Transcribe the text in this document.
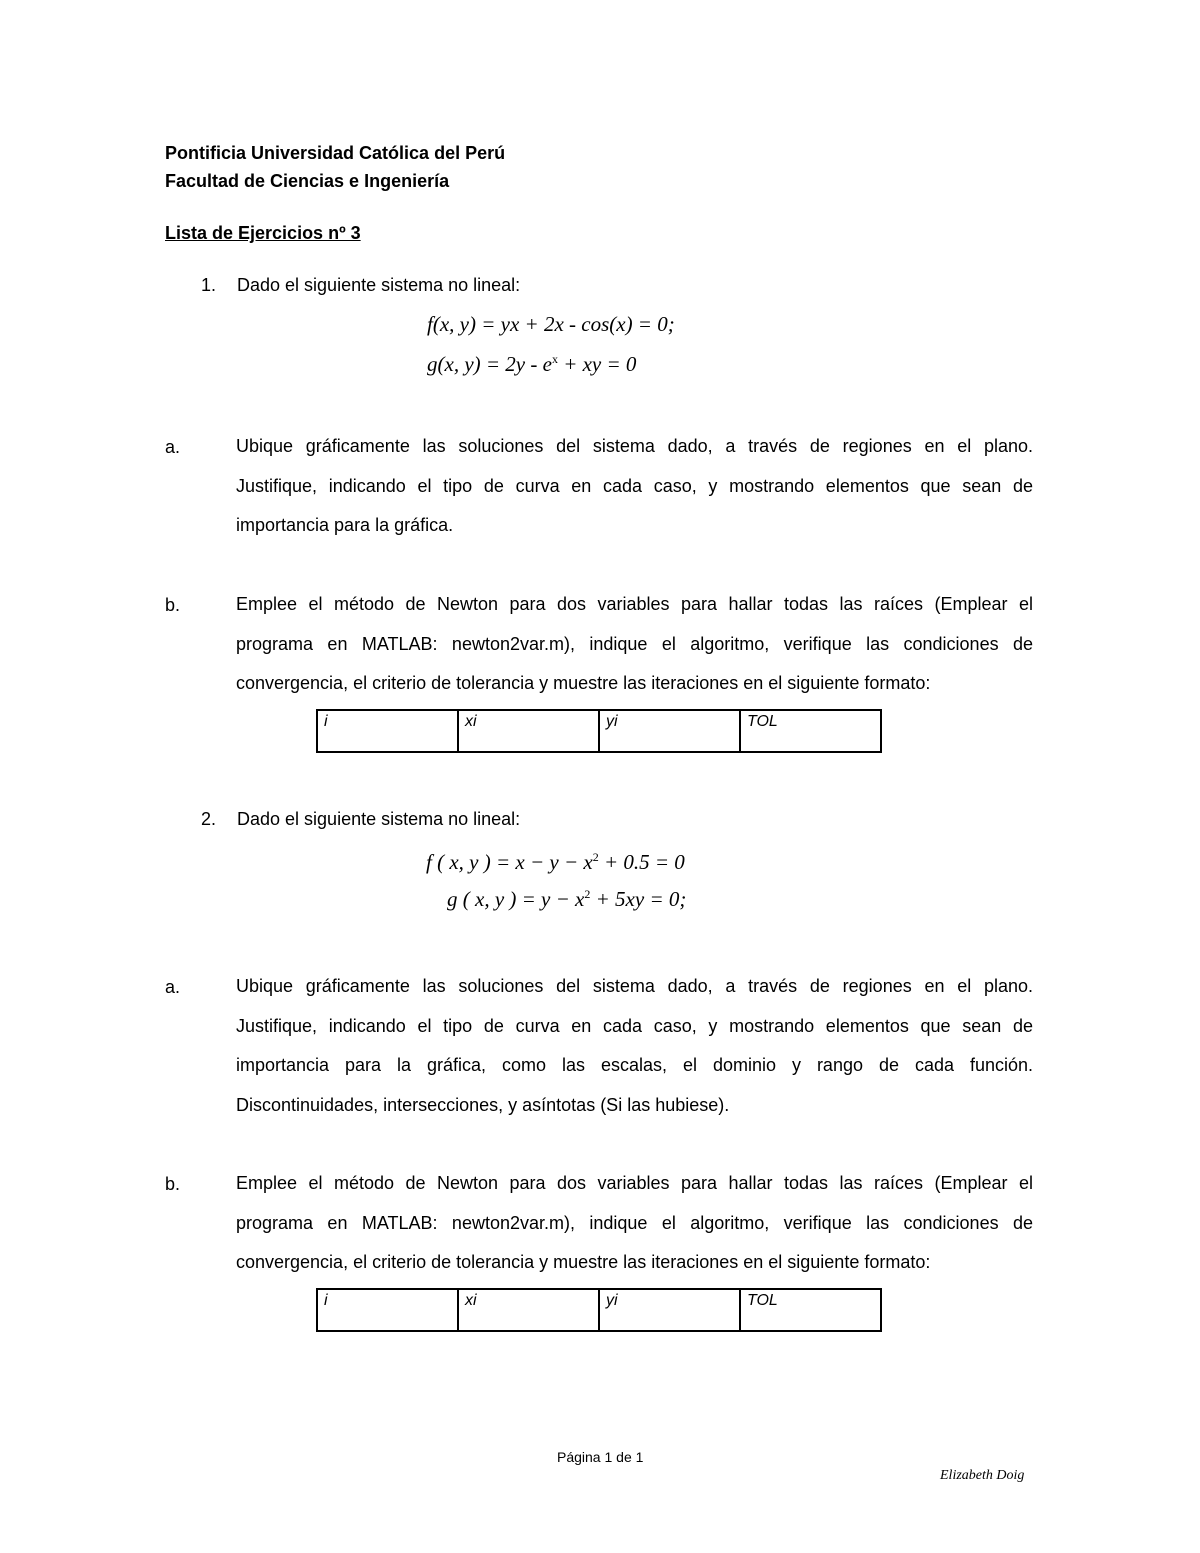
Pontificia Universidad Católica del Perú
Facultad de Ciencias e Ingeniería
Lista de Ejercicios nº 3
1. Dado el siguiente sistema no lineal:
f(x, y) = yx + 2x - cos(x) = 0;
g(x, $y) = 2y - e^x$ + xy = 0
a.	Ubique gráficamente las soluciones del sistema dado, a través de regiones en el plano.
Justifique, indicando el tipo de curva en cada caso, y mostrando elementos que sean de
importancia para la gráfica.
b.	Emplee el método de Newton para dos variables para hallar todas las raíces (Emplear el
programa en MATLAB: newton2var.m), indique el algoritmo, verifique las condiciones de
convergencia, el criterio de tolerancia y muestre las iteraciones en el siguiente formato:
i	xi	yi	TOL
2. Dado el siguiente sistema no lineal:
f ( x, y ) = $x - y - x^2 + 0.5 = 0$
g ( x, y ) = $y - x^2 + 5xy = 0$;
a.	Ubique gráficamente las soluciones del sistema dado, a través de regiones en el plano.
Justifique, indicando el tipo de curva en cada caso, y mostrando elementos que sean de
importancia para la gráfica, como las escalas, el dominio y rango de cada función.
Discontinuidades, intersecciones, y asíntotas (Si las hubiese).
b.	Emplee el método de Newton para dos variables para hallar todas las raíces (Emplear el
programa en MATLAB: newton2var.m), indique el algoritmo, verifique las condiciones de
convergencia, el criterio de tolerancia y muestre las iteraciones en el siguiente formato:
i	xi	yi	TOL
Página 1 de 1
Elizabeth Doig
